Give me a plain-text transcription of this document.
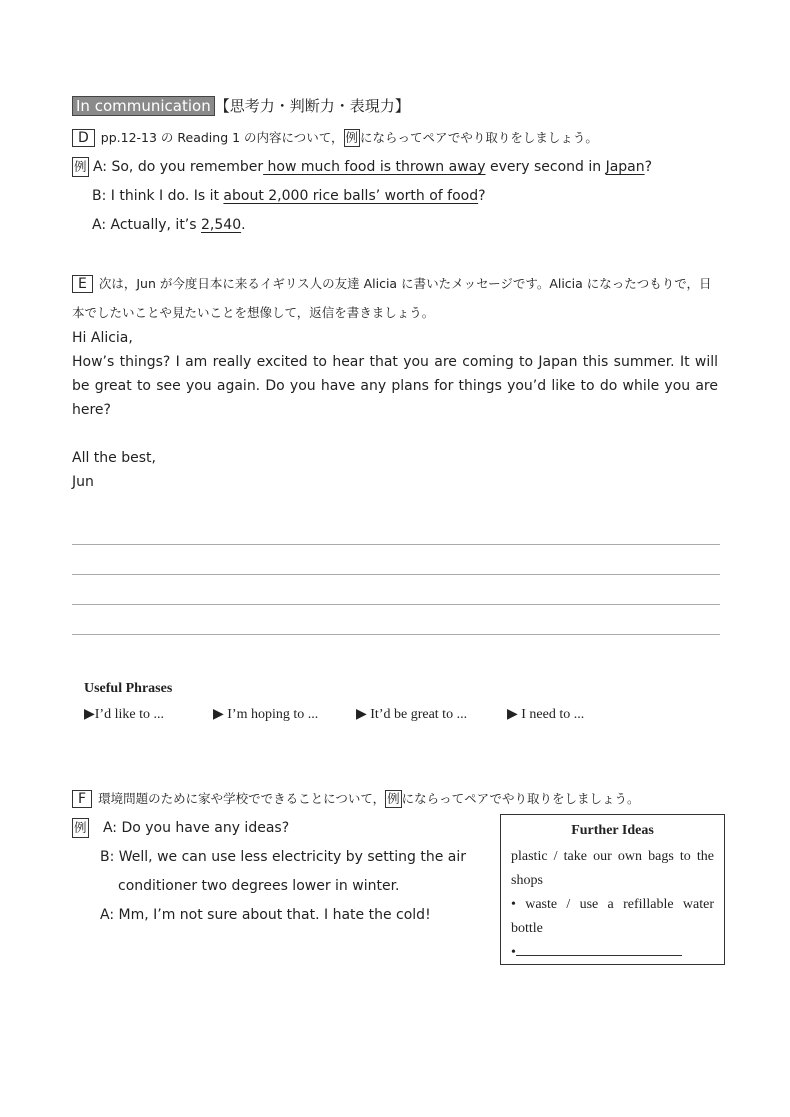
In communication 【思考力・判断力・表現力】
D pp.12-13 の Reading 1 の内容について， 例 にならってペアでやり取りをしましょう。
例 A: So, do you remember how much food is thrown away every second in Japan?
B: I think I do. Is it about 2,000 rice balls’ worth of food?
A: Actually, it’s 2,540.
E 次は，Jun が今度日本に来るイギリス人の友達 Alicia に書いたメッセージです。Alicia になったつもりで，日
本でしたいことや見たいことを想像して，返信を書きましょう。
Hi Alicia,
How’s things? I am really excited to hear that you are coming to Japan this summer. It will be great to see you again. Do you have any plans for things you’d like to do while you are here?
All the best,
Jun
Useful Phrases
▶I’d like to ...	▶ I’m hoping to ...	▶ It’d be great to ...	▶ I need to ...
F 環境問題のために家や学校でできることについて， 例 にならってペアでやり取りをしましょう。
例 A: Do you have any ideas?
B: Well, we can use less electricity by setting the air
conditioner two degrees lower in winter.
A: Mm, I’m not sure about that. I hate the cold!
Further Ideas
plastic / take our own bags to the shops
• waste / use a refillable water bottle
•
